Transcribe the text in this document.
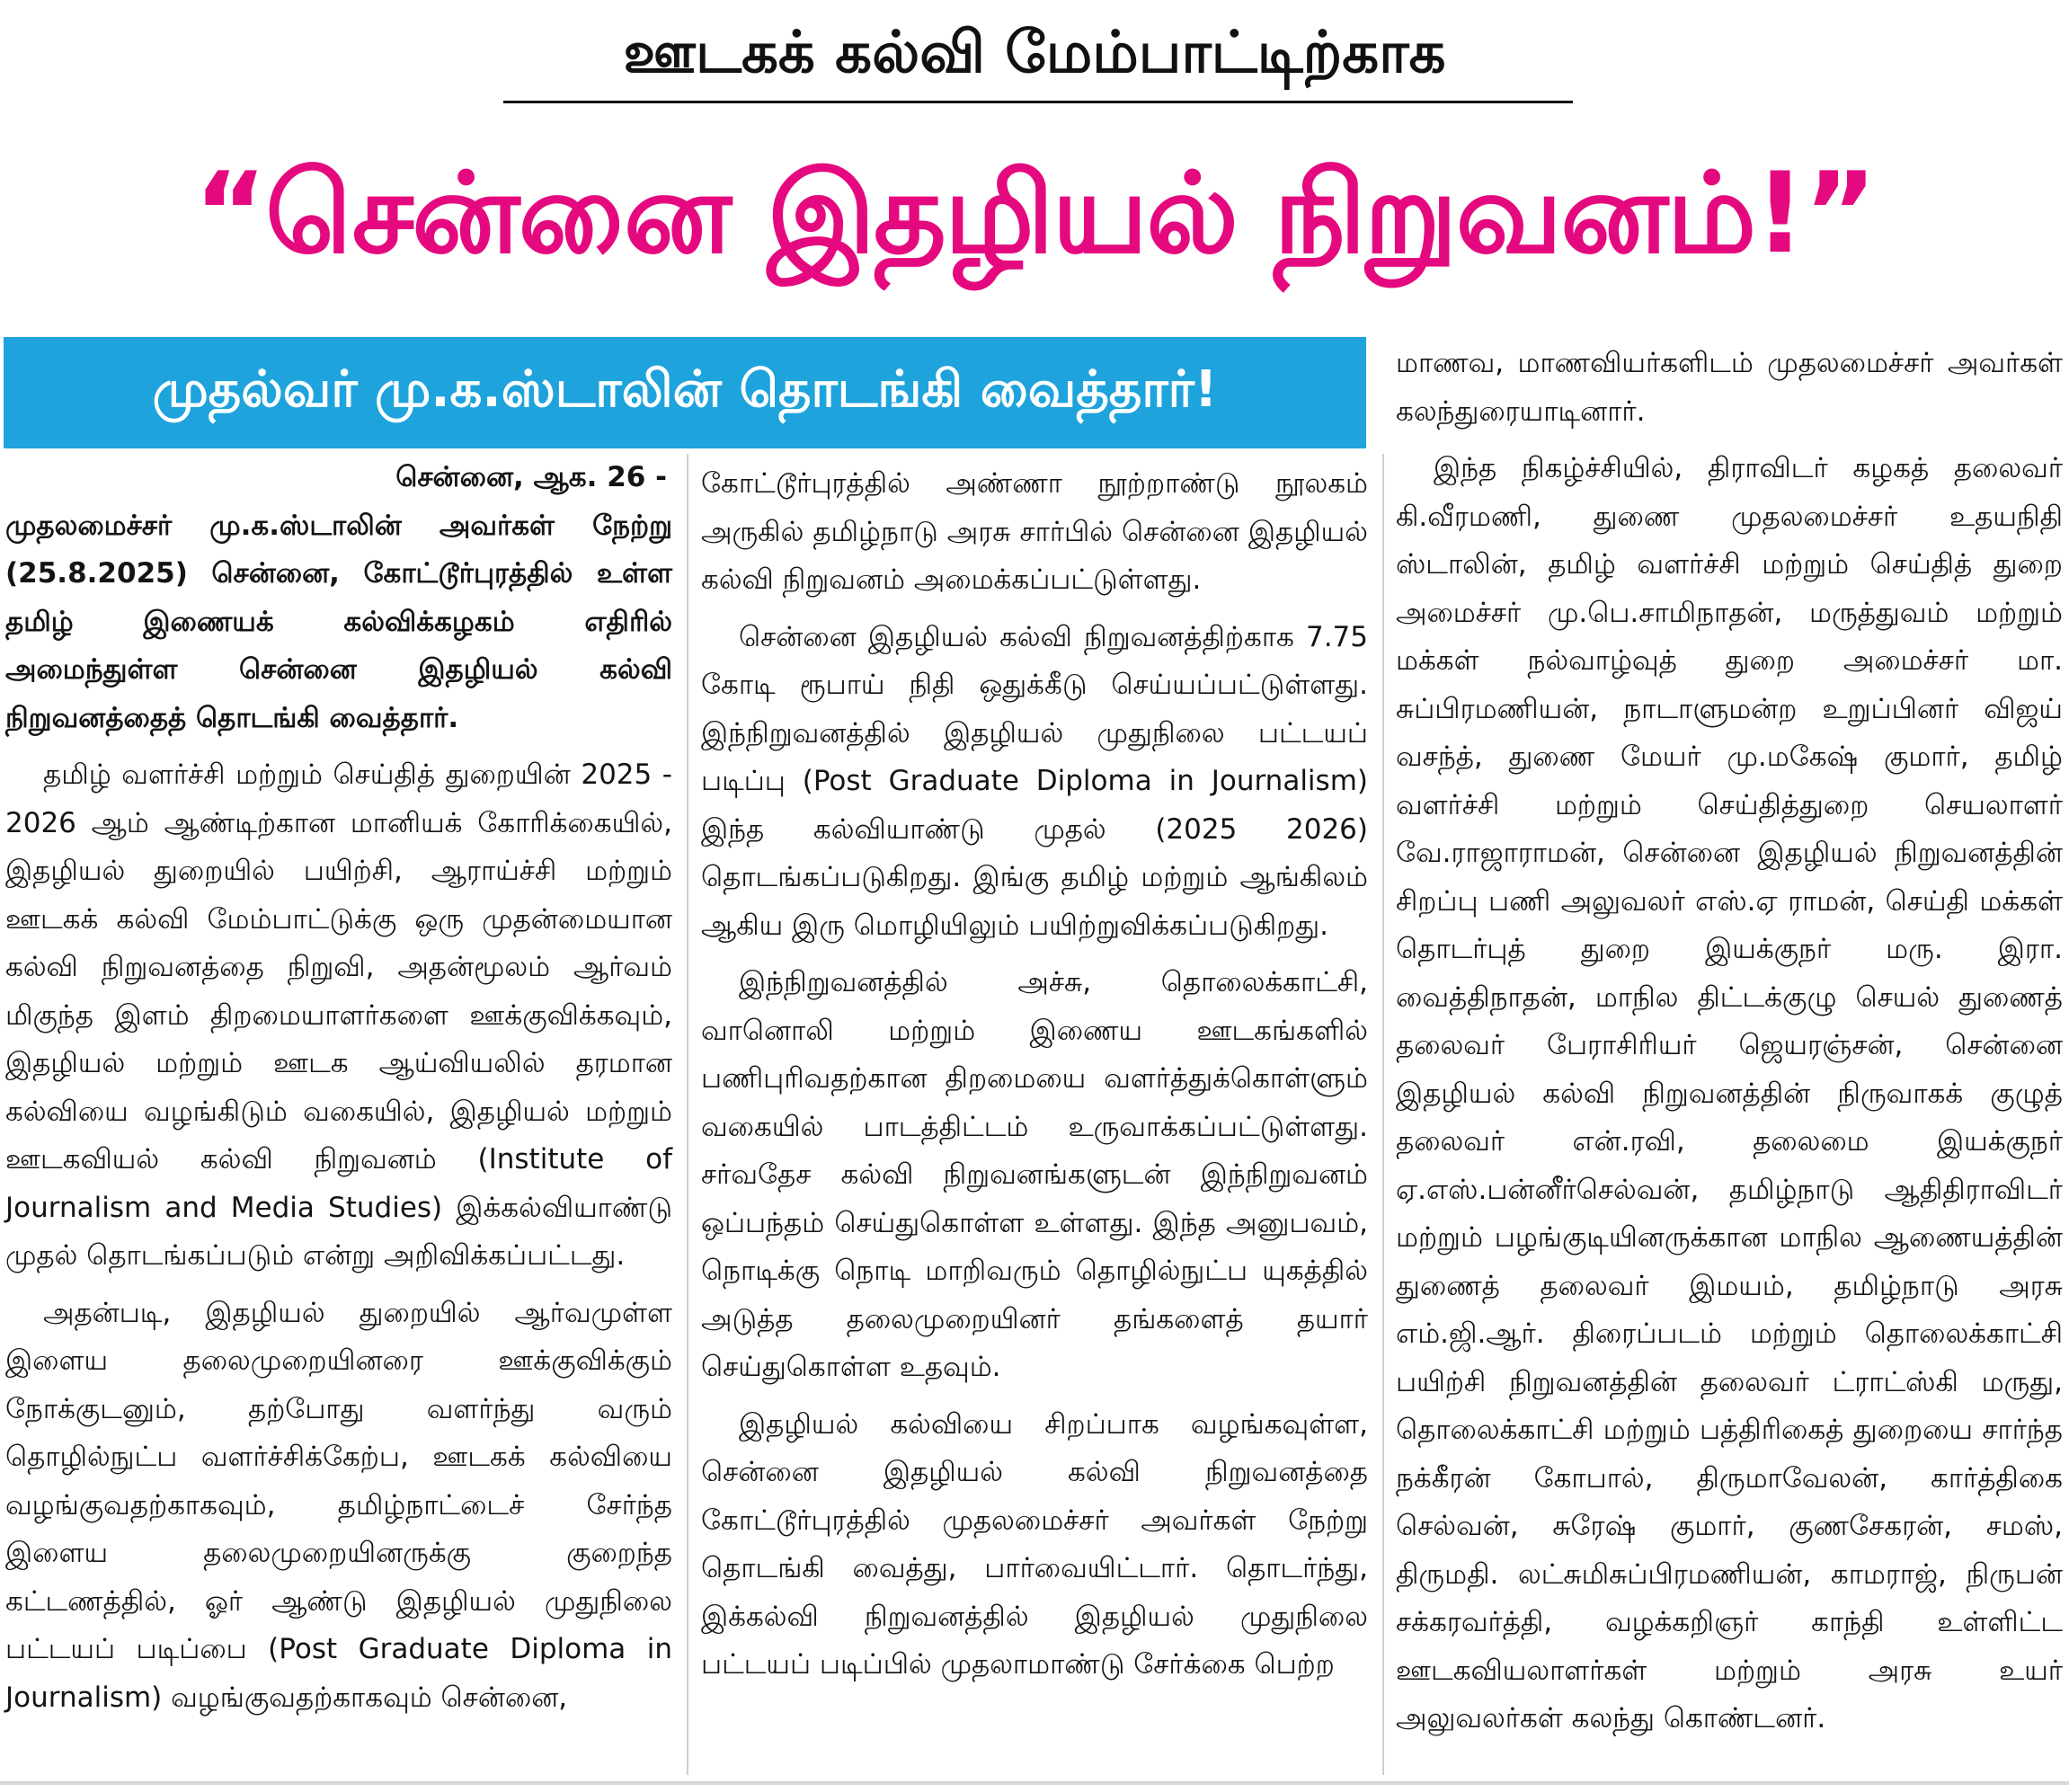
ஊடகக் கல்வி மேம்பாட்டிற்காக
“சென்னை இதழியல் நிறுவனம்!”
முதல்வர் மு.க.ஸ்டாலின் தொடங்கி வைத்தார்!
சென்னை, ஆக. 26 -

முதலமைச்சர் மு.க.ஸ்டாலின் அவர்கள் நேற்று (25.8.2025) சென்னை, கோட்டூர்புரத்தில் உள்ள தமிழ் இணையக் கல்விக்கழகம் எதிரில் அமைந்துள்ள சென்னை இதழியல் கல்வி நிறுவனத்தைத் தொடங்கி வைத்தார்.

தமிழ் வளர்ச்சி மற்றும் செய்தித் துறையின் 2025 - 2026 ஆம் ஆண்டிற்கான மானியக் கோரிக்கையில், இதழியல் துறையில் பயிற்சி, ஆராய்ச்சி மற்றும் ஊடகக் கல்வி மேம்பாட்டுக்கு ஒரு முதன்மையான கல்வி நிறுவனத்தை நிறுவி, அதன்மூலம் ஆர்வம் மிகுந்த இளம் திறமையாளர்களை ஊக்குவிக்கவும், இதழியல் மற்றும் ஊடக ஆய்வியலில் தரமான கல்வியை வழங்கிடும் வகையில், இதழியல் மற்றும் ஊடகவியல் கல்வி நிறுவனம் (Institute of Journalism and Media Studies) இக்கல்வியாண்டு முதல் தொடங்கப்படும் என்று அறிவிக்கப்பட்டது.

அதன்படி, இதழியல் துறையில் ஆர்வமுள்ள இளைய தலைமுறையினரை ஊக்குவிக்கும் நோக்குடனும், தற்போது வளர்ந்து வரும் தொழில்நுட்ப வளர்ச்சிக்கேற்ப, ஊடகக் கல்வியை வழங்குவதற்காகவும், தமிழ்நாட்டைச் சேர்ந்த இளைய தலைமுறையினருக்கு குறைந்த கட்டணத்தில், ஓர் ஆண்டு இதழியல் முதுநிலை பட்டயப் படிப்பை (Post Graduate Diploma in Journalism) வழங்குவதற்காகவும் சென்னை,

கோட்டூர்புரத்தில் அண்ணா நூற்றாண்டு நூலகம் அருகில் தமிழ்நாடு அரசு சார்பில் சென்னை இதழியல் கல்வி நிறுவனம் அமைக்கப்பட்டுள்ளது.

சென்னை இதழியல் கல்வி நிறுவனத்திற்காக 7.75 கோடி ரூபாய் நிதி ஒதுக்கீடு செய்யப்பட்டுள்ளது. இந்நிறுவனத்தில் இதழியல் முதுநிலை பட்டயப் படிப்பு (Post Graduate Diploma in Journalism) இந்த கல்வியாண்டு முதல் (2025 2026) தொடங்கப்படுகிறது. இங்கு தமிழ் மற்றும் ஆங்கிலம் ஆகிய இரு மொழியிலும் பயிற்றுவிக்கப்படுகிறது.

இந்நிறுவனத்தில் அச்சு, தொலைக்காட்சி, வானொலி மற்றும் இணைய ஊடகங்களில் பணிபுரிவதற்கான திறமையை வளர்த்துக்கொள்ளும் வகையில் பாடத்திட்டம் உருவாக்கப்பட்டுள்ளது. சர்வதேச கல்வி நிறுவனங்களுடன் இந்நிறுவனம் ஒப்பந்தம் செய்துகொள்ள உள்ளது. இந்த அனுபவம், நொடிக்கு நொடி மாறிவரும் தொழில்நுட்ப யுகத்தில் அடுத்த தலைமுறையினர் தங்களைத் தயார் செய்துகொள்ள உதவும்.

இதழியல் கல்வியை சிறப்பாக வழங்கவுள்ள, சென்னை இதழியல் கல்வி நிறுவனத்தை கோட்டூர்புரத்தில் முதலமைச்சர் அவர்கள் நேற்று தொடங்கி வைத்து, பார்வையிட்டார். தொடர்ந்து, இக்கல்வி நிறுவனத்தில் இதழியல் முதுநிலை பட்டயப் படிப்பில் முதலாமாண்டு சேர்க்கை பெற்ற

மாணவ, மாணவியர்களிடம் முதலமைச்சர் அவர்கள் கலந்துரையாடினார்.

இந்த நிகழ்ச்சியில், திராவிடர் கழகத் தலைவர் கி.வீரமணி, துணை முதலமைச்சர் உதயநிதி ஸ்டாலின், தமிழ் வளர்ச்சி மற்றும் செய்தித் துறை அமைச்சர் மு.பெ.சாமிநாதன், மருத்துவம் மற்றும் மக்கள் நல்வாழ்வுத் துறை அமைச்சர் மா. சுப்பிரமணியன், நாடாளுமன்ற உறுப்பினர் விஜய் வசந்த், துணை மேயர் மு.மகேஷ் குமார், தமிழ் வளர்ச்சி மற்றும் செய்தித்துறை செயலாளர் வே.ராஜாராமன், சென்னை இதழியல் நிறுவனத்தின் சிறப்பு பணி அலுவலர் எஸ்.ஏ ராமன், செய்தி மக்கள் தொடர்புத் துறை இயக்குநர் மரு. இரா. வைத்திநாதன், மாநில திட்டக்குழு செயல் துணைத் தலைவர் பேராசிரியர் ஜெயரஞ்சன், சென்னை இதழியல் கல்வி நிறுவனத்தின் நிருவாகக் குழுத் தலைவர் என்.ரவி, தலைமை இயக்குநர் ஏ.எஸ்.பன்னீர்செல்வன், தமிழ்நாடு ஆதிதிராவிடர் மற்றும் பழங்குடியினருக்கான மாநில ஆணையத்தின் துணைத் தலைவர் இமயம், தமிழ்நாடு அரசு எம்.ஜி.ஆர். திரைப்படம் மற்றும் தொலைக்காட்சி பயிற்சி நிறுவனத்தின் தலைவர் ட்ராட்ஸ்கி மருது, தொலைக்காட்சி மற்றும் பத்திரிகைத் துறையை சார்ந்த நக்கீரன் கோபால், திருமாவேலன், கார்த்திகை செல்வன், சுரேஷ் குமார், குணசேகரன், சமஸ், திருமதி. லட்சுமிசுப்பிரமணியன், காமராஜ், நிருபன் சக்கரவர்த்தி, வழக்கறிஞர் காந்தி உள்ளிட்ட ஊடகவியலாளர்கள் மற்றும் அரசு உயர் அலுவலர்கள் கலந்து கொண்டனர்.
